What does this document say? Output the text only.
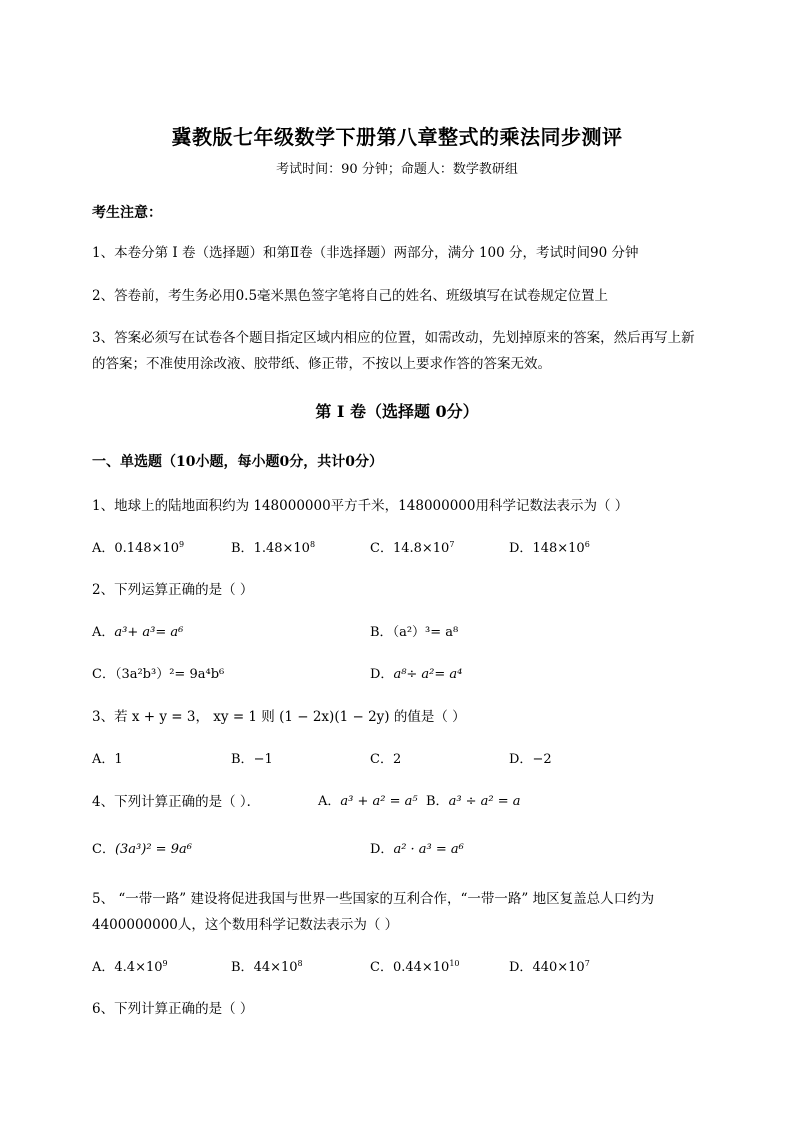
冀教版七年级数学下册第八章整式的乘法同步测评
考试时间：90 分钟；命题人：数学教研组
考生注意：
1、本卷分第 I 卷（选择题）和第Ⅱ卷（非选择题）两部分，满分 100 分，考试时间90 分钟
2、答卷前，考生务必用0.5毫米黑色签字笔将自己的姓名、班级填写在试卷规定位置上
3、答案必须写在试卷各个题目指定区域内相应的位置，如需改动，先划掉原来的答案，然后再写上新
的答案；不准使用涂改液、胶带纸、修正带，不按以上要求作答的答案无效。
第 I 卷（选择题 0分）
一、单选题（10小题，每小题0分，共计0分）
1、地球上的陆地面积约为 148000000平方千米，148000000用科学记数法表示为（ ）
A．$0.148\times 10^9$	B．$1.48\times 10^8$	C．$14.8\times 10^7$	D．$148\times 10^6$
2、下列运算正确的是（ ）
A．a³+ a³= a⁶	B．（a²）³= a⁸
C．（3a²b³）²= 9a⁴b⁶	D．a⁸÷ a²= a⁴
3、若 x + y = 3， xy = 1 则 (1 − 2x)(1 − 2y) 的值是（ ）
A．1	B．−1	C．2	D．−2
4、下列计算正确的是（ ）．	A．a³ + a² = a⁵ B．a³ ÷ a² = a
C．(3a³)² = 9a⁶	D．a² · a³ = a⁶
5、 “一带一路” 建设将促进我国与世界一些国家的互利合作，“一带一路” 地区复盖总人口约为
4400000000人，这个数用科学记数法表示为（ ）
A．$4.4\times 10^9$	B．$44\times 10^8$	C．$0.44\times 10^{10}$	D．$440\times 10^7$
6、下列计算正确的是（ ）
